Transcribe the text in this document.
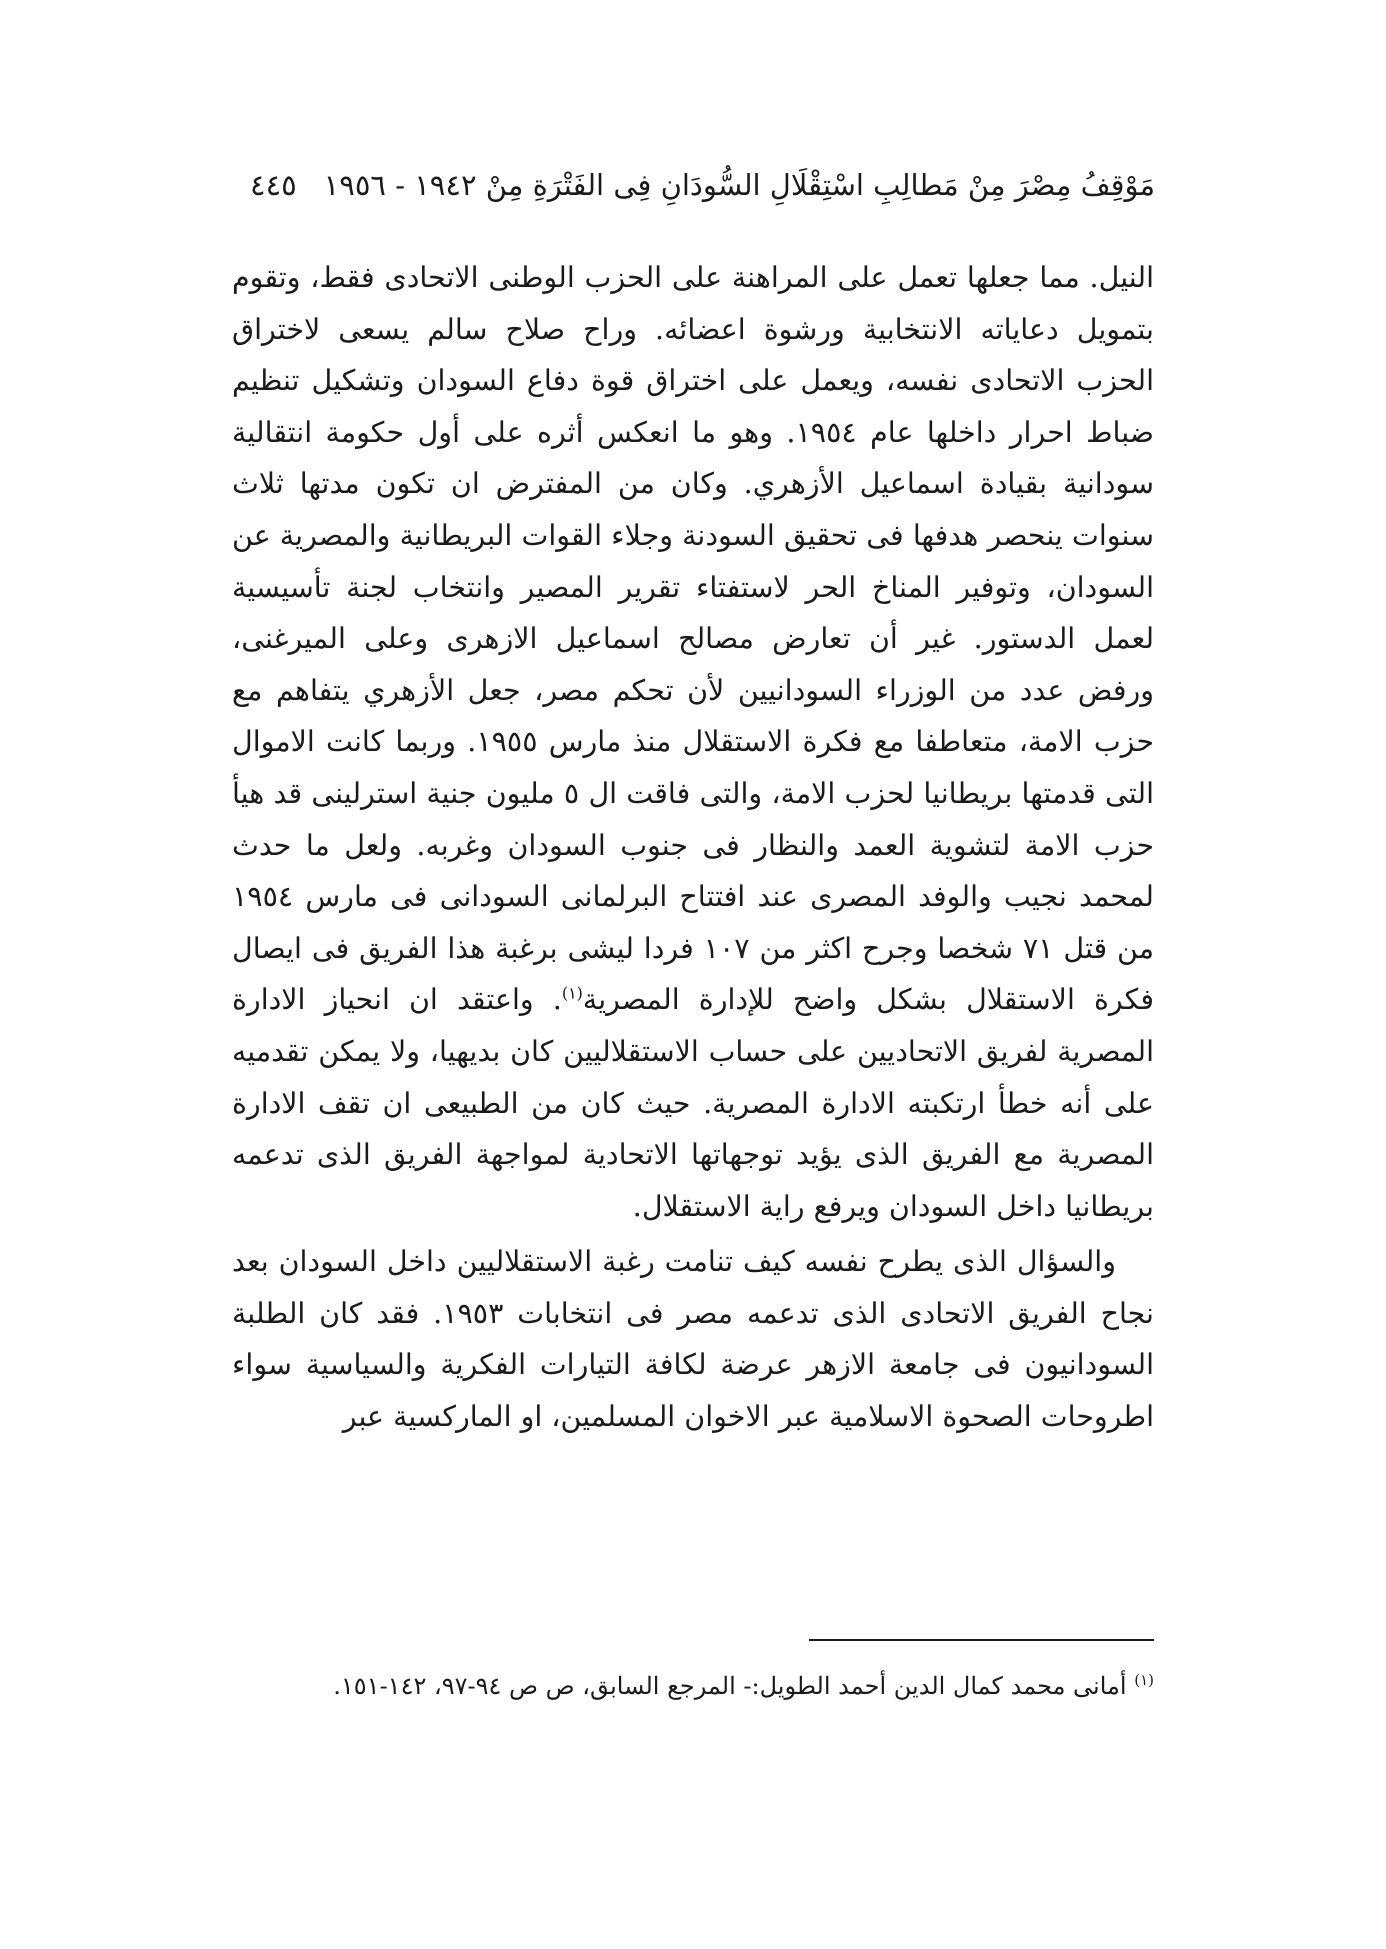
مَوْقِفُ مِصْرَ مِنْ مَطالِبِ اسْتِقْلَالِ السُّودَانِ فِى الفَتْرَةِ مِنْ ١٩٤٢ - ١٩٥٦
٤٤٥

النيل. مما جعلها تعمل على المراهنة على الحزب الوطنى الاتحادى فقط، وتقوم بتمويل دعاياته الانتخابية ورشوة اعضائه. وراح صلاح سالم يسعى لاختراق الحزب الاتحادى نفسه، ويعمل على اختراق قوة دفاع السودان وتشكيل تنظيم ضباط احرار داخلها عام ١٩٥٤. وهو ما انعكس أثره على أول حكومة انتقالية سودانية بقيادة اسماعيل الأزهري. وكان من المفترض ان تكون مدتها ثلاث سنوات ينحصر هدفها فى تحقيق السودنة وجلاء القوات البريطانية والمصرية عن السودان، وتوفير المناخ الحر لاستفتاء تقرير المصير وانتخاب لجنة تأسيسية لعمل الدستور. غير أن تعارض مصالح اسماعيل الازهرى وعلى الميرغنى، ورفض عدد من الوزراء السودانيين لأن تحكم مصر، جعل الأزهري يتفاهم مع حزب الامة، متعاطفا مع فكرة الاستقلال منذ مارس ١٩٥٥. وربما كانت الاموال التى قدمتها بريطانيا لحزب الامة، والتى فاقت ال ٥ مليون جنية استرلينى قد هيأ حزب الامة لتشوية العمد والنظار فى جنوب السودان وغربه. ولعل ما حدث لمحمد نجيب والوفد المصرى عند افتتاح البرلمانى السودانى فى مارس ١٩٥٤ من قتل ٧١ شخصا وجرح اكثر من ١٠٧ فردا ليشى برغبة هذا الفريق فى ايصال فكرة الاستقلال بشكل واضح للإدارة المصرية$^{(١)}$. واعتقد ان انحياز الادارة المصرية لفريق الاتحاديين على حساب الاستقلاليين كان بديهيا، ولا يمكن تقدميه على أنه خطأ ارتكبته الادارة المصرية. حيث كان من الطبيعى ان تقف الادارة المصرية مع الفريق الذى يؤيد توجهاتها الاتحادية لمواجهة الفريق الذى تدعمه بريطانيا داخل السودان ويرفع راية الاستقلال.

والسؤال الذى يطرح نفسه كيف تنامت رغبة الاستقلاليين داخل السودان بعد نجاح الفريق الاتحادى الذى تدعمه مصر فى انتخابات ١٩٥٣. فقد كان الطلبة السودانيون فى جامعة الازهر عرضة لكافة التيارات الفكرية والسياسية سواء اطروحات الصحوة الاسلامية عبر الاخوان المسلمين، او الماركسية عبر

$^{(١)}$ أمانى محمد كمال الدين أحمد الطويل:- المرجع السابق، ص ص ٩٤-٩٧، ١٤٢-١٥١.
